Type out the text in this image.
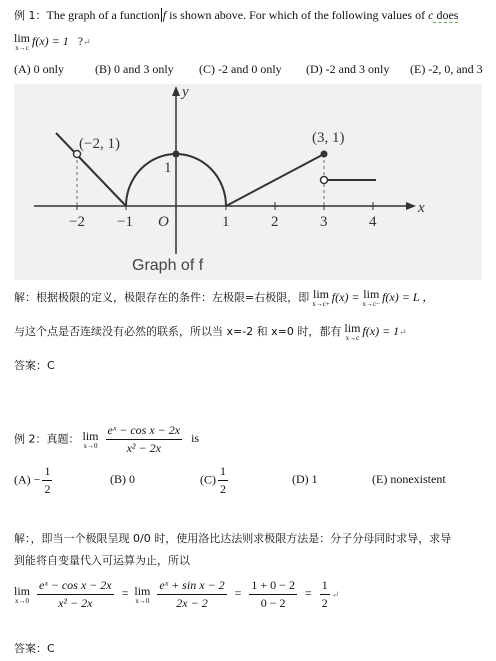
例 1：The graph of a function f is shown above. For which of the following values of c does
lim
x→c
f(x) = 1 ?↵
(A) 0 only	(B) 0 and 3 only (C) -2 and 0 only (D) -2 and 3 only (E) -2, 0, and 3
y
x
−2 −1 O	1	2	3	4
1
(−2, 1)	(3, 1)
Graph of f
解：根据极限的定义，极限存在的条件：左极限=右极限，即 lim
x→c+
f(x) = lim
x→c−
f(x) = L ，
与这个点是否连续没有必然的联系，所以当 x=-2 和 x=0 时，都有 lim
x→c
f(x) = 1↵
答案：C
例 2：真题： lim
x→0
$\frac{\text{eˣ − cos x − 2x}}{\text{x² − 2x}}$ is
$(A) - \frac{1}{2}$	(B) 0	$(C) \frac{1}{2}$	(D) 1	(E) nonexistent
解：，即当一个极限呈现 0/0 时，使用洛比达法则求极限方法是：分子分母同时求导，求导
到能将自变量代入可运算为止，所以
lim
x→0
$\frac{\text{eˣ − cos x − 2x}}{\text{x² − 2x}} = \lim$
x→0
$\frac{\text{eˣ + sin x − 2}}{2x - 2} = \frac{1 + 0 - 2}{0 - 2} = \frac{1}{2}$ ↵
答案：C
